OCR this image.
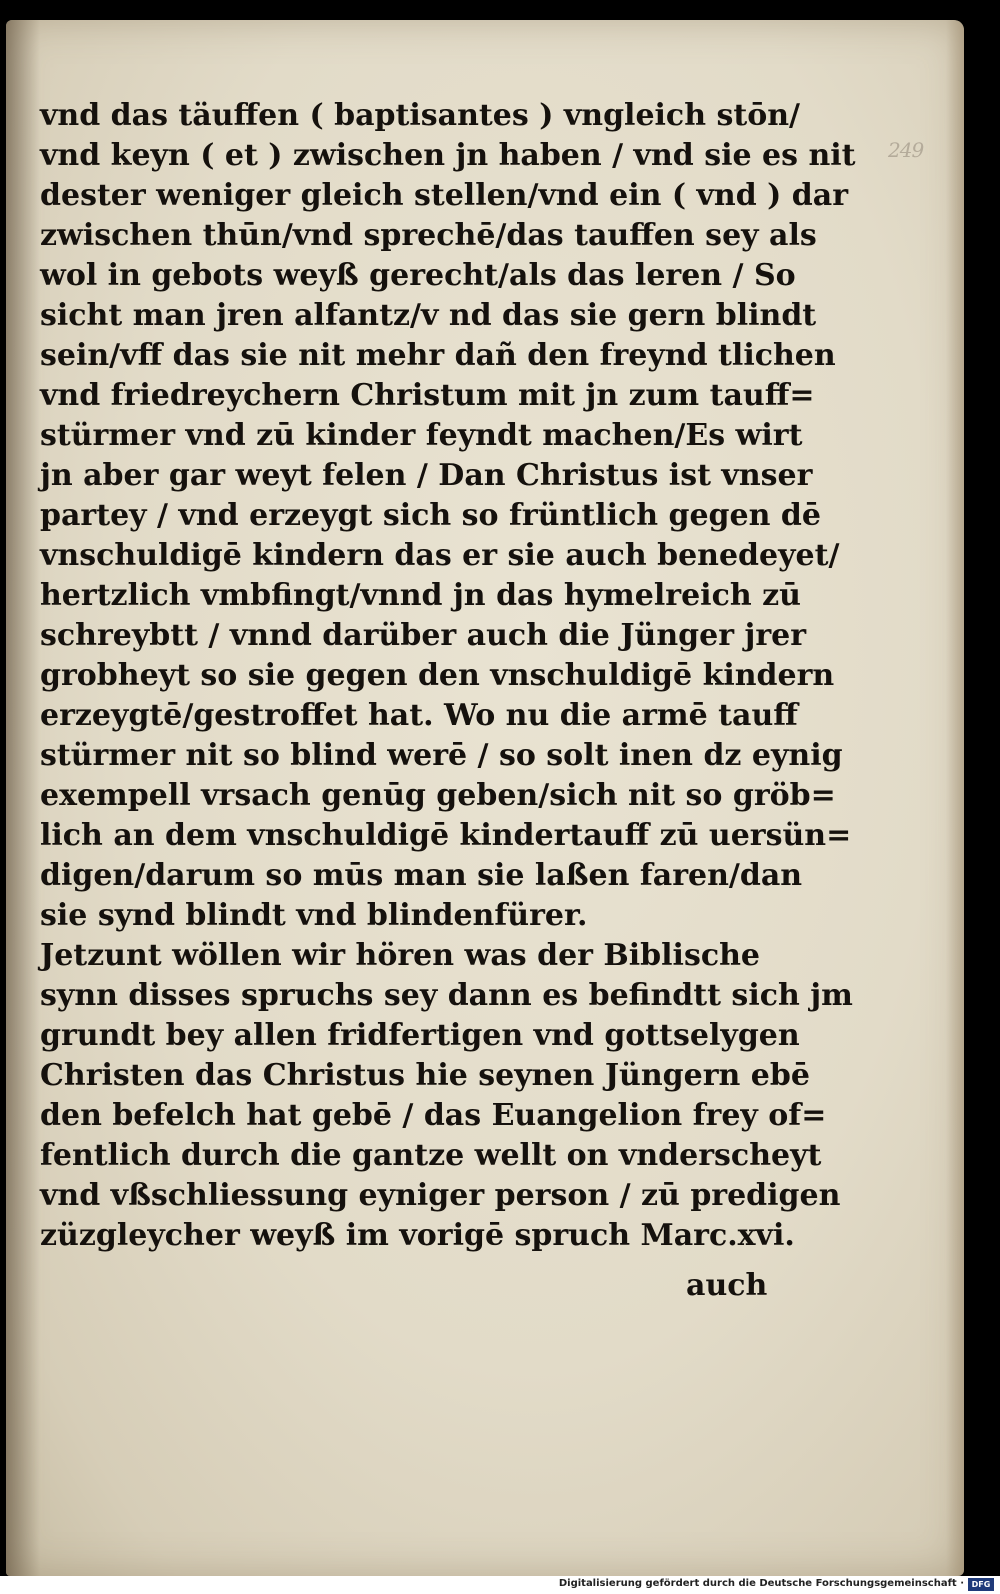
249
vnd das täuffen ( baptisantes ) vngleich stōn/
vnd keyn ( et ) zwischen jn haben / vnd sie es nit
dester weniger gleich stellen/vnd ein ( vnd ) dar
zwischen thūn/vnd sprechē/das tauffen sey als
wol in gebots weyß gerecht/als das leren / So
sicht man jren alfantz/v nd das sie gern blindt
sein/vff das sie nit mehr dañ den freynd tlichen
vnd friedreychern Christum mit jn zum tauff=
stürmer vnd zū kinder feyndt machen/Es wirt
jn aber gar weyt felen / Dan Christus ist vnser
partey / vnd erzeygt sich so früntlich gegen dē
vnschuldigē kindern das er sie auch benedeyet/
hertzlich vmbfingt/vnnd jn das hymelreich zū
schreybtt / vnnd darüber auch die Jünger jrer
grobheyt so sie gegen den vnschuldigē kindern
erzeygtē/gestroffet hat. Wo nu die armē tauff
stürmer nit so blind werē / so solt inen dz eynig
exempell vrsach genūg geben/sich nit so gröb=
lich an dem vnschuldigē kindertauff zū uersün=
digen/darum so mūs man sie laßen faren/dan
sie synd blindt vnd blindenfürer.
Jetzunt wöllen wir hören was der Biblische
synn disses spruchs sey dann es befindtt sich jm
grundt bey allen fridfertigen vnd gottselygen
Christen das Christus hie seynen Jüngern ebē
den befelch hat gebē / das Euangelion frey of=
fentlich durch die gantze wellt on vnderscheyt
vnd vßschliessung eyniger person / zū predigen
züzgleycher weyß im vorigē spruch Marc.xvi.
auch
Digitalisierung gefördert durch die Deutsche Forschungsgemeinschaft · DFG
